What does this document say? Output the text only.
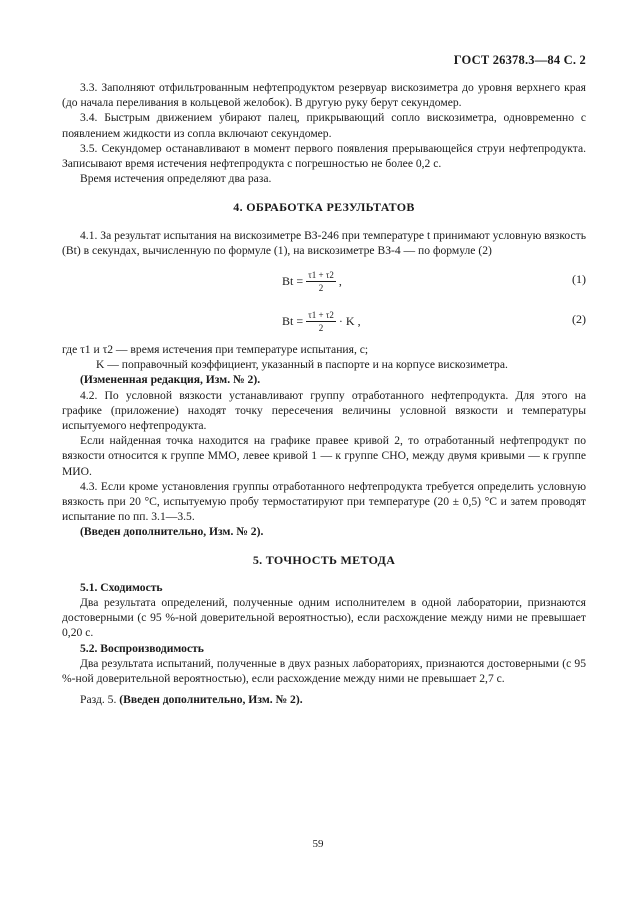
ГОСТ 26378.3—84 С. 2

3.3. Заполняют отфильтрованным нефтепродуктом резервуар вискозиметра до уровня верхнего края (до начала переливания в кольцевой желобок). В другую руку берут секундомер.

3.4. Быстрым движением убирают палец, прикрывающий сопло вискозиметра, одновременно с появлением жидкости из сопла включают секундомер.

3.5. Секундомер останавливают в момент первого появления прерывающейся струи нефтепродукта. Записывают время истечения нефтепродукта с погрешностью не более 0,2 с.

Время истечения определяют два раза.

4. ОБРАБОТКА РЕЗУЛЬТАТОВ

4.1. За результат испытания на вискозиметре ВЗ-246 при температуре t принимают условную вязкость (Bt) в секундах, вычисленную по формуле (1), на вискозиметре ВЗ-4 — по формуле (2)

$Bt = \frac{\tau 1 + \tau 2}{2}$ ,	(1)
$Bt = \frac{\tau 1 + \tau 2}{2} \cdot K$ ,	(2)

где τ1 и τ2 — время истечения при температуре испытания, с;

K — поправочный коэффициент, указанный в паспорте и на корпусе вискозиметра.

(Измененная редакция, Изм. № 2).

4.2. По условной вязкости устанавливают группу отработанного нефтепродукта. Для этого на графике (приложение) находят точку пересечения величины условной вязкости и температуры испытуемого нефтепродукта.

Если найденная точка находится на графике правее кривой 2, то отработанный нефтепродукт по вязкости относится к группе ММО, левее кривой 1 — к группе СНО, между двумя кривыми — к группе МИО.

4.3. Если кроме установления группы отработанного нефтепродукта требуется определить условную вязкость при 20 °С, испытуемую пробу термостатируют при температуре (20 ± 0,5) °С и затем проводят испытание по пп. 3.1—3.5.

(Введен дополнительно, Изм. № 2).

5. ТОЧНОСТЬ МЕТОДА

5.1. Сходимость

Два результата определений, полученные одним исполнителем в одной лаборатории, признаются достоверными (с 95 %-ной доверительной вероятностью), если расхождение между ними не превышает 0,20 с.

5.2. Воспроизводимость

Два результата испытаний, полученные в двух разных лабораториях, признаются достоверными (с 95 %-ной доверительной вероятностью), если расхождение между ними не превышает 2,7 с.

Разд. 5. (Введен дополнительно, Изм. № 2).

59
